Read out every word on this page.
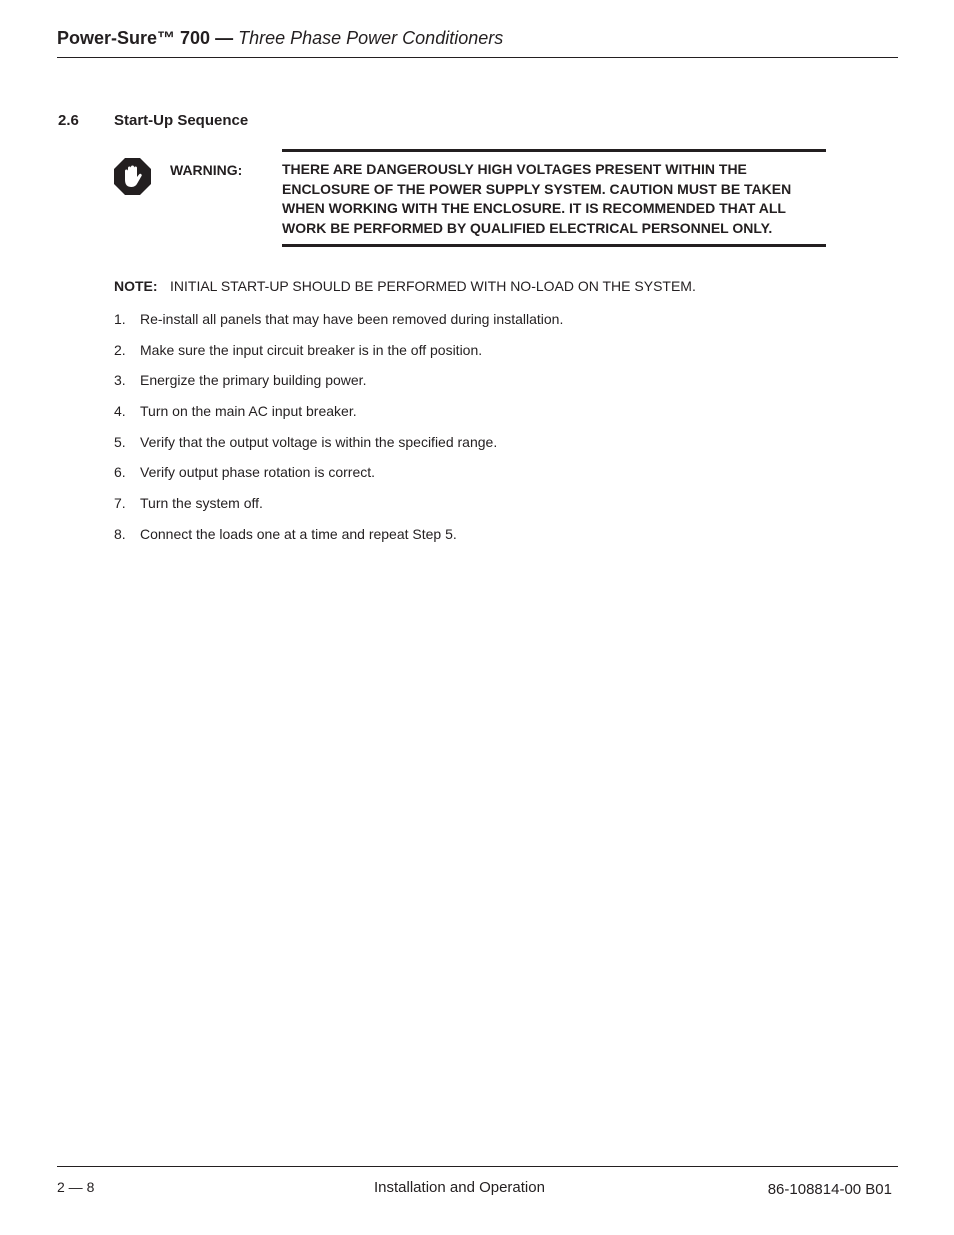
Power-Sure™ 700 — Three Phase Power Conditioners
2.6 Start-Up Sequence
WARNING:	THERE ARE DANGEROUSLY HIGH VOLTAGES PRESENT WITHIN THE ENCLOSURE OF THE POWER SUPPLY SYSTEM. CAUTION MUST BE TAKEN WHEN WORKING WITH THE ENCLOSURE. IT IS RECOMMENDED THAT ALL WORK BE PERFORMED BY QUALIFIED ELECTRICAL PERSONNEL ONLY.
NOTE: INITIAL START-UP SHOULD BE PERFORMED WITH NO-LOAD ON THE SYSTEM.
1. Re-install all panels that may have been removed during installation.
2. Make sure the input circuit breaker is in the off position.
3. Energize the primary building power.
4. Turn on the main AC input breaker.
5. Verify that the output voltage is within the specified range.
6. Verify output phase rotation is correct.
7. Turn the system off.
8. Connect the loads one at a time and repeat Step 5.
2 — 8	Installation and Operation	86-108814-00 B01
